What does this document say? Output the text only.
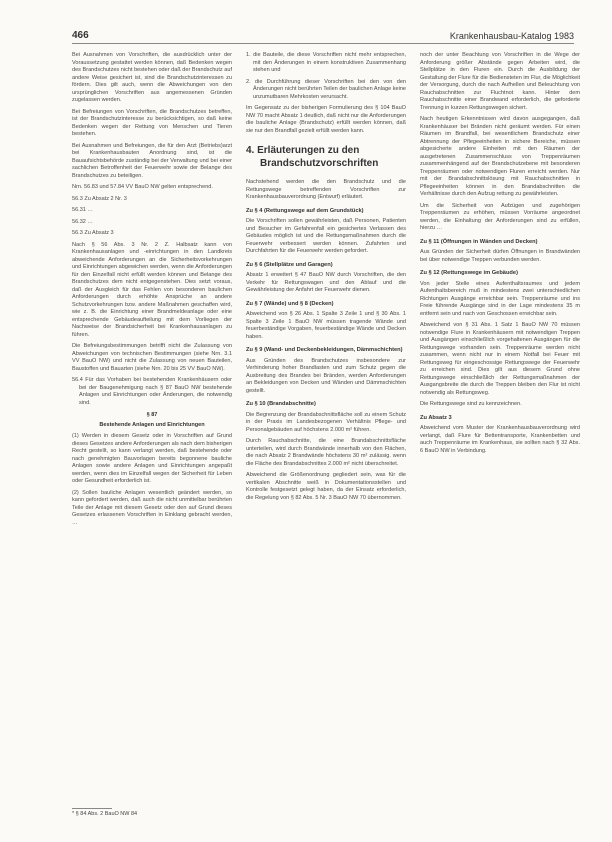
466	Krankenhausbau-Katalog 1983

Bei Ausnahmen von Vorschriften, die ausdrücklich unter der Voraussetzung gestattet werden können, daß Bedenken wegen des Brandschutzes nicht bestehen oder daß der Brandschutz auf andere Weise gesichert ist, sind die Brandschutzinteressen zu fördern. Dies gilt auch, wenn die Abweichungen von den ursprünglichen Vorschriften aus angemessenen Gründen zugelassen werden.

Bei Befreiungen von Vorschriften, die Brandschutzes betreffen, ist der Brandschutzinteresse zu berücksichtigen, so daß keine Bedenken wegen der Rettung von Menschen und Tieren bestehen.

Bei Ausnahmen und Befreiungen, die für den Arzt (Betriebs)arzt bei Krankenhausbauten Anordnung sind, ist die Bauaufsichtsbehörde zuständig bei der Verwaltung und bei einer sachlichen Betroffenheit der Feuerwehr sowie der Belange des Brandschutzes zu beteiligen.

Nrn. 56.83 und 57.84 VV BauO NW gelten entsprechend.

56.3 Zu Absatz 2 Nr. 3
56.31 …
56.32 …
56.3 Zu Absatz 3

Nach § 56 Abs. 3 Nr. 2 Z. Halbsatz kann von Krankenhausanlagen und -einrichtungen in den Landkreis abweichende Anforderungen an die Sicherheitsvorkehrungen und Einrichtungen abgewichen werden, wenn die Anforderungen für den Einzelfall nicht erfüllt werden können und Belange des Brandschutzes dem nicht entgegenstehen. Dies setzt voraus, daß der Ausgleich für das Fehlen von besonderen baulichen Anforderungen durch erhöhte Ansprüche an andere Schutzvorkehrungen bzw. andere Maßnahmen geschaffen wird, wie z. B. die Einrichtung einer Brandmeldeanlage oder eine entsprechende Gebäudeaufteilung mit dem Vorliegen der Nachweise der Brandsicherheit bei Krankenhausanlagen zu führen.

Die Befreiungsbestimmungen betrifft nicht die Zulassung von Abweichungen von technischen Bestimmungen (siehe Nrn. 3.1 VV BauO NW) und nicht die Zulassung von neuen Bauteilen, Baustoffen und Bauarten (siehe Nrn. 20 bis 25 VV BauO NW).

56.4 Für das Vorhaben bei bestehenden Krankenhäusern oder bei der Baugenehmigung nach § 87 BauO NW bestehende Anlagen und Einrichtungen oder Änderungen, die notwendig sind.
§ 87
Bestehende Anlagen und Einrichtungen

(1) Werden in diesem Gesetz oder in Vorschriften auf Grund dieses Gesetzes andere Anforderungen als nach dem bisherigen Recht gestellt, so kann verlangt werden, daß bestehende oder nach genehmigten Bauvorlagen bereits begonnene bauliche Anlagen sowie andere Anlagen und Einrichtungen angepaßt werden, wenn dies im Einzelfall wegen der Sicherheit für Leben oder Gesundheit erforderlich ist.

(2) Sollen bauliche Anlagen wesentlich geändert werden, so kann gefordert werden, daß auch die nicht unmittelbar berührten Teile der Anlage mit diesem Gesetz oder den auf Grund dieses Gesetzes erlassenen Vorschriften in Einklang gebracht werden, …

1. die Bauteile, die diese Vorschriften nicht mehr entsprechen, mit den Änderungen in einem konstruktiven Zusammenhang stehen und
2. die Durchführung dieser Vorschriften bei den von den Änderungen nicht berührten Teilen der baulichen Anlage keine unzumutbaren Mehrkosten verursacht.

Im Gegensatz zu der bisherigen Formulierung des § 104 BauO NW 70 macht Absatz 1 deutlich, daß nicht nur die Anforderungen die bauliche Anlage (Brandschutz) erfüllt werden können, daß sie nur den Brandfall gezielt erfüllt werden kann.

4. Erläuterungen zu den Brandschutzvorschriften

Nachstehend werden die den Brandschutz und die Rettungswege betreffenden Vorschriften zur Krankenhausbauverordnung (Entwurf) erläutert.

Zu § 4 (Rettungswege auf dem Grundstück)

Die Vorschriften sollen gewährleisten, daß Personen, Patienten und Besucher im Gefahrenfall ein gesichertes Verlassen des Gebäudes möglich ist und die Rettungsmaßnahmen durch die Feuerwehr verbessert werden können. Zufahrten und Durchfahrten für die Feuerwehr werden gefordert.

Zu § 6 (Stellplätze und Garagen)

Absatz 1 erweitert § 47 BauO NW durch Vorschriften, die den Verkehr für Rettungswagen und den Ablauf und die Gewährleistung der Anfahrt der Feuerwehr dienen.

Zu § 7 (Wände) und § 8 (Decken)

Abweichend von § 26 Abs. 1 Spalte 3 Zeile 1 und § 30 Abs. 1 Spalte 3 Zeile 1 BauO NW müssen tragende Wände und feuerbeständige Vorgaben, feuerbeständige Wände und Decken haben.

Zu § 9 (Wand- und Deckenbekleidungen, Dämmschichten)

Aus Gründen des Brandschutzes insbesondere zur Verhinderung hoher Brandlasten und zum Schutz gegen die Ausbreitung des Brandes bei Bränden, werden Anforderungen an Bekleidungen von Decken und Wänden und Dämmschichten gestellt.

Zu § 10 (Brandabschnitte)

Die Begrenzung der Brandabschnittsfläche soll zu einem Schutz in der Praxis im Landesbezogenen Verhältnis Pflege- und Personalgebäuden auf höchstens 2.000 m² führen.

Durch Rauchabschnitte, die eine Brandabschnittsfläche unterteilen, wird durch Brandwände innerhalb von den Flächen, die nach Absatz 2 Brandwände höchstens 30 m² zulässig. wenn die Fläche des Brandabschnittes 2.000 m² nicht überschreitet.

Abweichend die Größenordnung gegliedert sein, was für die vertikalen Abschnitte weiß in Dokumentationsstellen und Kontrolle festgesetzt gelegt haben, da der Einsatz erforderlich, die Regelung von § 82 Abs. 5 Nr. 3 BauO NW 70 übernommen.

noch der unter Beachtung von Vorschriften in die Wege der Anforderung größer Abstände gegen Arbeiten wird, die Stellplätze in den Fluren ein. Durch die Ausbildung der Gestaltung der Flure für die Bediensteten im Flur, die Möglichkeit der Versorgung, durch die nach Aufhellen und Beleuchtung von Rauchabschnitten zur Fluchtnot kann. Hinter dem Rauchabschnitte einer Brandwand erforderlich, die geforderte Trennung in kurzen Rettungswegen sichert.

Nach heutigen Erkenntnissen wird davon ausgegangen, daß Krankenhäuser bei Bränden nicht geräumt werden. Für einen Räumen im Brandfall, bei wesentlichem Brandschutz einer Abtrennung der Pflegeeinheiten in sichere Bereiche, müssen abgesicherte andere Einheiten mit den Räumen der ausgetretenen Zusammenschluss von Treppenräumen zusammenhängend auf der Brandschutzebene mit besonderen Treppenräumen oder notwendigen Fluren erreicht werden. Nur mit der Brandabschnittslösung mit Rauchabschnitten in Pflegeeinheiten können in den Brandabschnitten die Verhältnisse durch den Aufzug rettung zu gewährleisten.

Um die Sicherheit von Aufzügen und zugehörigen Treppenräumen zu erhöhen, müssen Vorräume angeordnet werden, die Einhaltung der Anforderungen sind zu erfüllen, hierzu …

Zu § 11 (Öffnungen in Wänden und Decken)

Aus Gründen der Sicherheit dürfen Öffnungen in Brandwänden bei über notwendige Treppen verbunden werden.

Zu § 12 (Rettungswege im Gebäude)

Von jeder Stelle eines Aufenthaltsraumes und jedem Aufenthaltsbereich muß in mindestens zwei unterschiedlichen Richtungen Ausgänge erreichbar sein. Treppenräume und ins Freie führende Ausgänge sind in der Lage mindestens 35 m entfernt sein und nach von Geschossen erreichbar sein.

Abweichend von § 31 Abs. 1 Satz 1 BauO NW 70 müssen notwendige Flure in Krankenhäusern mit notwendigen Treppen und Ausgängen einschließlich vorgehaltenen Ausgängen für die Rettungswege vorhanden sein. Treppenräume werden nicht zusammen, wenn nicht nur in einem Notfall bei Feuer mit Rettungsweg für eingeschossige Rettungswege der Feuerwehr zu erreichen sind. Dies gilt aus diesem Grund ohne Rettungswege einschließlich der Rettungsmaßnahmen der Ausgangsbreite die durch die Treppen bleiben den Flur ist nicht notwendig als Rettungsweg.

Die Rettungswege sind zu kennzeichnen.

Zu Absatz 3

Abweichend vom Muster der Krankenhausbauverordnung wird verlangt, daß Flure für Bettentransporte, Krankenbetten und auch Treppenräume im Krankenhaus, sie sollten nach § 32 Abs. 6 BauO NW in Verbindung.

* § 84 Abs. 2 BauO NW 84
